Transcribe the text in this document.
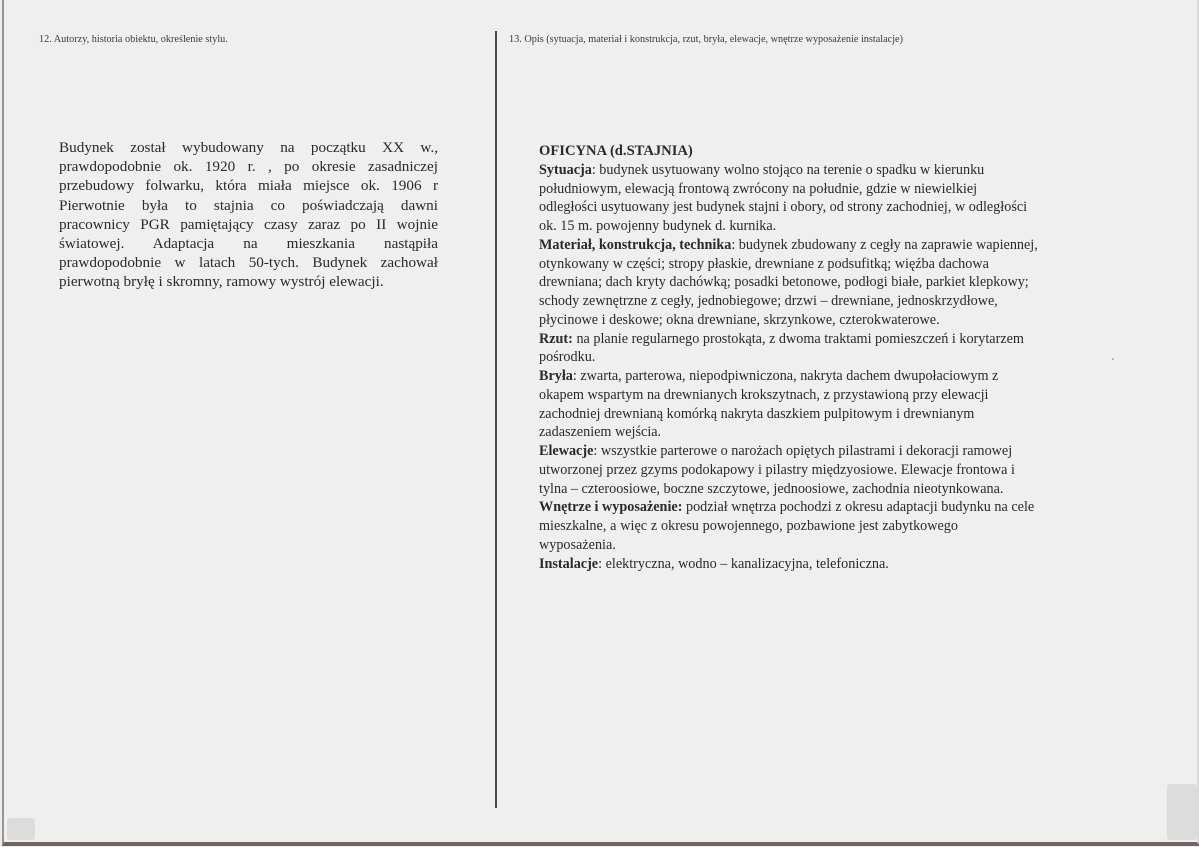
12. Autorzy, historia obiektu, określenie stylu.	13. Opis (sytuacja, materiał i konstrukcja, rzut, bryła, elewacje, wnętrze wyposażenie instalacje)
Budynek został wybudowany na początku XX w.,
prawdopodobnie ok. 1920 r. , po okresie zasadniczej
przebudowy folwarku, która miała miejsce ok. 1906 r
Pierwotnie była to stajnia co poświadczają dawni
pracownicy PGR pamiętający czasy zaraz po II wojnie
światowej. Adaptacja na mieszkania nastąpiła
prawdopodobnie w latach 50-tych. Budynek zachował
pierwotną bryłę i skromny, ramowy wystrój elewacji.
OFICYNA (d.STAJNIA)
Sytuacja: budynek usytuowany wolno stojąco na terenie o spadku w kierunku
południowym, elewacją frontową zwrócony na południe, gdzie w niewielkiej
odległości usytuowany jest budynek stajni i obory, od strony zachodniej, w odległości
ok. 15 m. powojenny budynek d. kurnika.
Materiał, konstrukcja, technika: budynek zbudowany z cegły na zaprawie wapiennej,
otynkowany w części; stropy płaskie, drewniane z podsufitką; więźba dachowa
drewniana; dach kryty dachówką; posadki betonowe, podłogi białe, parkiet klepkowy;
schody zewnętrzne z cegły, jednobiegowe; drzwi – drewniane, jednoskrzydłowe,
płycinowe i deskowe; okna drewniane, skrzynkowe, czterokwaterowe.
Rzut: na planie regularnego prostokąta, z dwoma traktami pomieszczeń i korytarzem
pośrodku.
Bryła: zwarta, parterowa, niepodpiwniczona, nakryta dachem dwupołaciowym z
okapem wspartym na drewnianych krokszytnach, z przystawioną przy elewacji
zachodniej drewnianą komórką nakryta daszkiem pulpitowym i drewnianym
zadaszeniem wejścia.
Elewacje: wszystkie parterowe o narożach opiętych pilastrami i dekoracji ramowej
utworzonej przez gzyms podokapowy i pilastry międzyosiowe. Elewacje frontowa i
tylna – czteroosiowe, boczne szczytowe, jednoosiowe, zachodnia nieotynkowana.
Wnętrze i wyposażenie: podział wnętrza pochodzi z okresu adaptacji budynku na cele
mieszkalne, a więc z okresu powojennego, pozbawione jest zabytkowego
wyposażenia.
Instalacje: elektryczna, wodno – kanalizacyjna, telefoniczna.
